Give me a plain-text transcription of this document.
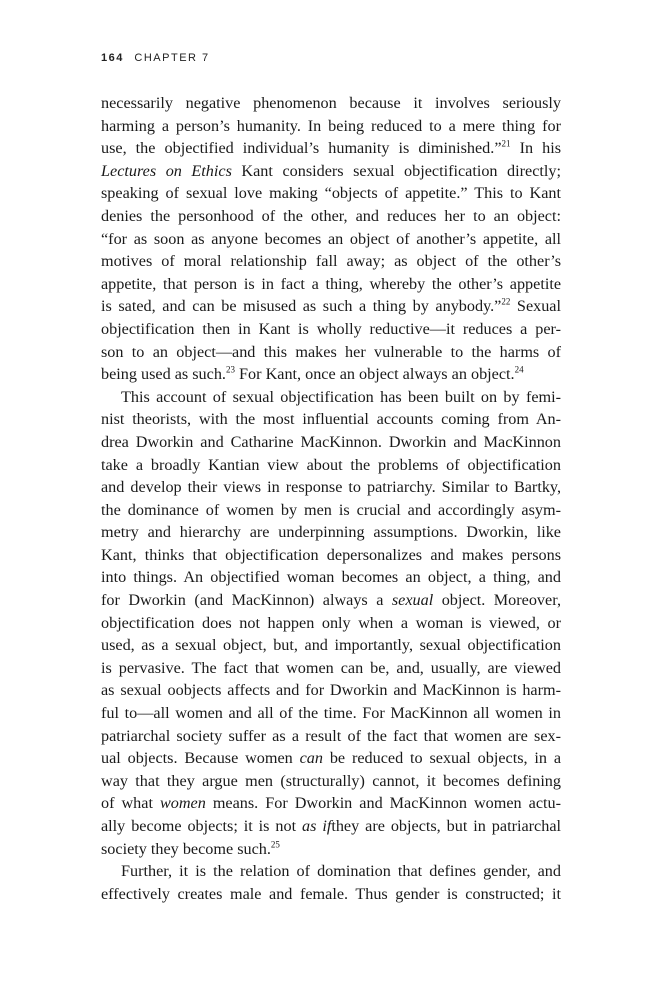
164 CHAPTER 7
necessarily negative phenomenon because it involves seriously
harming a person’s humanity. In being reduced to a mere thing for
use, the objectified individual’s humanity is diminished.”$^{21}$ In his
Lectures on Ethics Kant considers sexual objectification directly;
speaking of sexual love making “objects of appetite.” This to Kant
denies the personhood of the other, and reduces her to an object:
“for as soon as anyone becomes an object of another’s appetite, all
motives of moral relationship fall away; as object of the other’s
appetite, that person is in fact a thing, whereby the other’s appetite
is sated, and can be misused as such a thing by anybody.”$^{22}$ Sexual
objectification then in Kant is wholly reductive—it reduces a per-
son to an object—and this makes her vulnerable to the harms of
being used as such.$^{23}$ For Kant, once an object always an object.$^{24}$
This account of sexual objectification has been built on by femi-
nist theorists, with the most influential accounts coming from An-
drea Dworkin and Catharine MacKinnon. Dworkin and MacKinnon
take a broadly Kantian view about the problems of objectification
and develop their views in response to patriarchy. Similar to Bartky,
the dominance of women by men is crucial and accordingly asym-
metry and hierarchy are underpinning assumptions. Dworkin, like
Kant, thinks that objectification depersonalizes and makes persons
into things. An objectified woman becomes an object, a thing, and
for Dworkin (and MacKinnon) always a sexual object. Moreover,
objectification does not happen only when a woman is viewed, or
used, as a sexual object, but, and importantly, sexual objectification
is pervasive. The fact that women can be, and, usually, are viewed
as sexual oobjects affects and for Dworkin and MacKinnon is harm-
ful to—all women and all of the time. For MacKinnon all women in
patriarchal society suffer as a result of the fact that women are sex-
ual objects. Because women can be reduced to sexual objects, in a
way that they argue men (structurally) cannot, it becomes defining
of what women means. For Dworkin and MacKinnon women actu-
ally become objects; it is not as ifthey are objects, but in patriarchal
society they become such.$^{25}$
Further, it is the relation of domination that defines gender, and
effectively creates male and female. Thus gender is constructed; it
